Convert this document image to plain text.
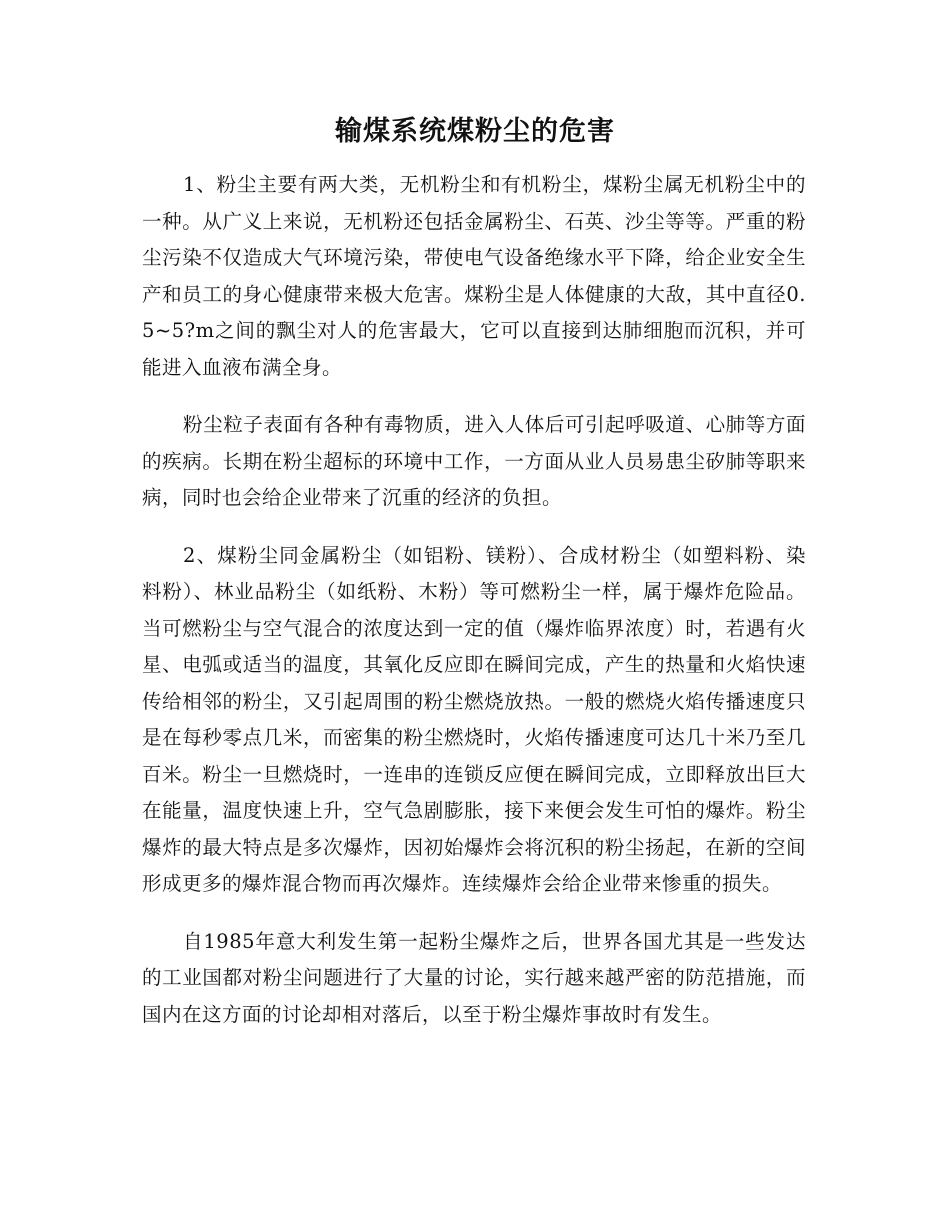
输煤系统煤粉尘的危害

1、粉尘主要有两大类，无机粉尘和有机粉尘，煤粉尘属无机粉尘中的一种。从广义上来说，无机粉还包括金属粉尘、石英、沙尘等等。严重的粉尘污染不仅造成大气环境污染，带使电气设备绝缘水平下降，给企业安全生产和员工的身心健康带来极大危害。煤粉尘是人体健康的大敌，其中直径0.5~5?m之间的飘尘对人的危害最大，它可以直接到达肺细胞而沉积，并可能进入血液布满全身。

粉尘粒子表面有各种有毒物质，进入人体后可引起呼吸道、心肺等方面的疾病。长期在粉尘超标的环境中工作，一方面从业人员易患尘矽肺等职来病，同时也会给企业带来了沉重的经济的负担。

2、煤粉尘同金属粉尘（如铝粉、镁粉）、合成材粉尘（如塑料粉、染料粉）、林业品粉尘（如纸粉、木粉）等可燃粉尘一样，属于爆炸危险品。当可燃粉尘与空气混合的浓度达到一定的值（爆炸临界浓度）时，若遇有火星、电弧或适当的温度，其氧化反应即在瞬间完成，产生的热量和火焰快速传给相邻的粉尘，又引起周围的粉尘燃烧放热。一般的燃烧火焰传播速度只是在每秒零点几米，而密集的粉尘燃烧时，火焰传播速度可达几十米乃至几百米。粉尘一旦燃烧时，一连串的连锁反应便在瞬间完成，立即释放出巨大在能量，温度快速上升，空气急剧膨胀，接下来便会发生可怕的爆炸。粉尘爆炸的最大特点是多次爆炸，因初始爆炸会将沉积的粉尘扬起，在新的空间形成更多的爆炸混合物而再次爆炸。连续爆炸会给企业带来惨重的损失。

自1985年意大利发生第一起粉尘爆炸之后，世界各国尤其是一些发达的工业国都对粉尘问题进行了大量的讨论，实行越来越严密的防范措施，而国内在这方面的讨论却相对落后，以至于粉尘爆炸事故时有发生。
